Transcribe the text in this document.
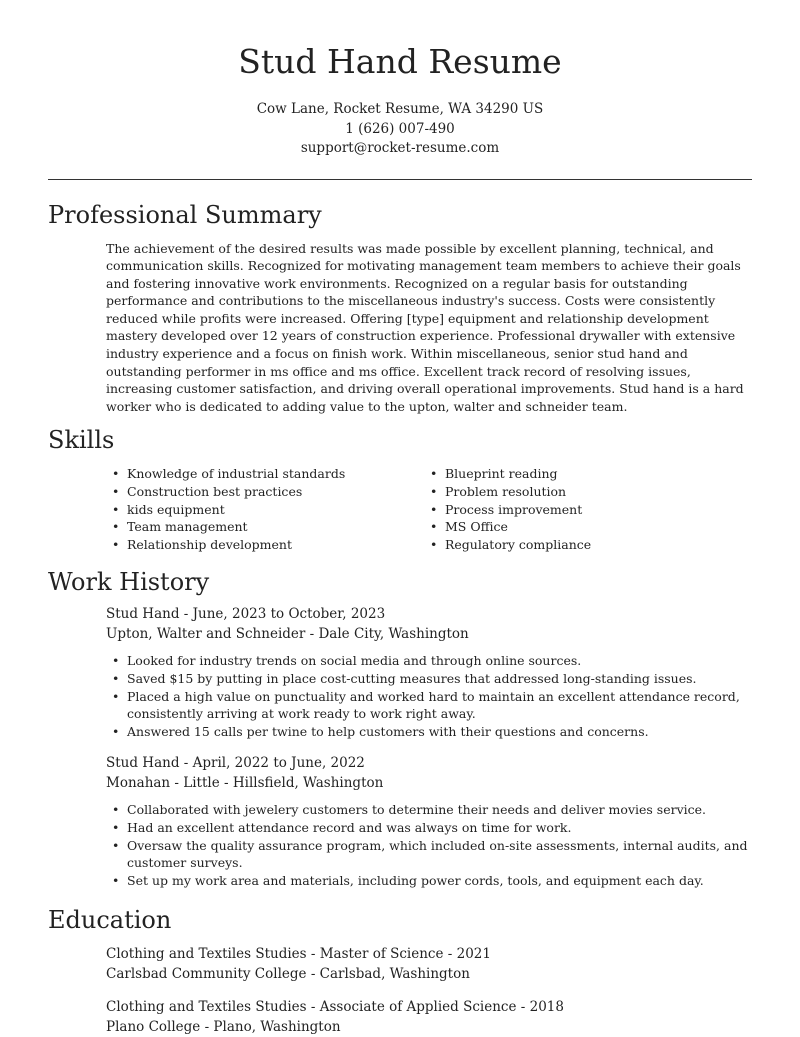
Stud Hand Resume
Cow Lane, Rocket Resume, WA 34290 US
1 (626) 007-490
support@rocket-resume.com
Professional Summary

The achievement of the desired results was made possible by excellent planning, technical, and communication skills. Recognized for motivating management team members to achieve their goals and fostering innovative work environments. Recognized on a regular basis for outstanding performance and contributions to the miscellaneous industry's success. Costs were consistently reduced while profits were increased. Offering [type] equipment and relationship development mastery developed over 12 years of construction experience. Professional drywaller with extensive industry experience and a focus on finish work. Within miscellaneous, senior stud hand and outstanding performer in ms office and ms office. Excellent track record of resolving issues, increasing customer satisfaction, and driving overall operational improvements. Stud hand is a hard worker who is dedicated to adding value to the upton, walter and schneider team.

Skills
• Knowledge of industrial standards
• Construction best practices
• kids equipment
• Team management
• Relationship development
• Blueprint reading
• Problem resolution
• Process improvement
• MS Office
• Regulatory compliance
Work History
Stud Hand - June, 2023 to October, 2023
Upton, Walter and Schneider - Dale City, Washington
• Looked for industry trends on social media and through online sources.
• Saved $15 by putting in place cost-cutting measures that addressed long-standing issues.
• Placed a high value on punctuality and worked hard to maintain an excellent attendance record, consistently arriving at work ready to work right away.
• Answered 15 calls per twine to help customers with their questions and concerns.
Stud Hand - April, 2022 to June, 2022
Monahan - Little - Hillsfield, Washington
• Collaborated with jewelery customers to determine their needs and deliver movies service.
• Had an excellent attendance record and was always on time for work.
• Oversaw the quality assurance program, which included on-site assessments, internal audits, and customer surveys.
• Set up my work area and materials, including power cords, tools, and equipment each day.
Education
Clothing and Textiles Studies - Master of Science - 2021
Carlsbad Community College - Carlsbad, Washington
Clothing and Textiles Studies - Associate of Applied Science - 2018
Plano College - Plano, Washington
